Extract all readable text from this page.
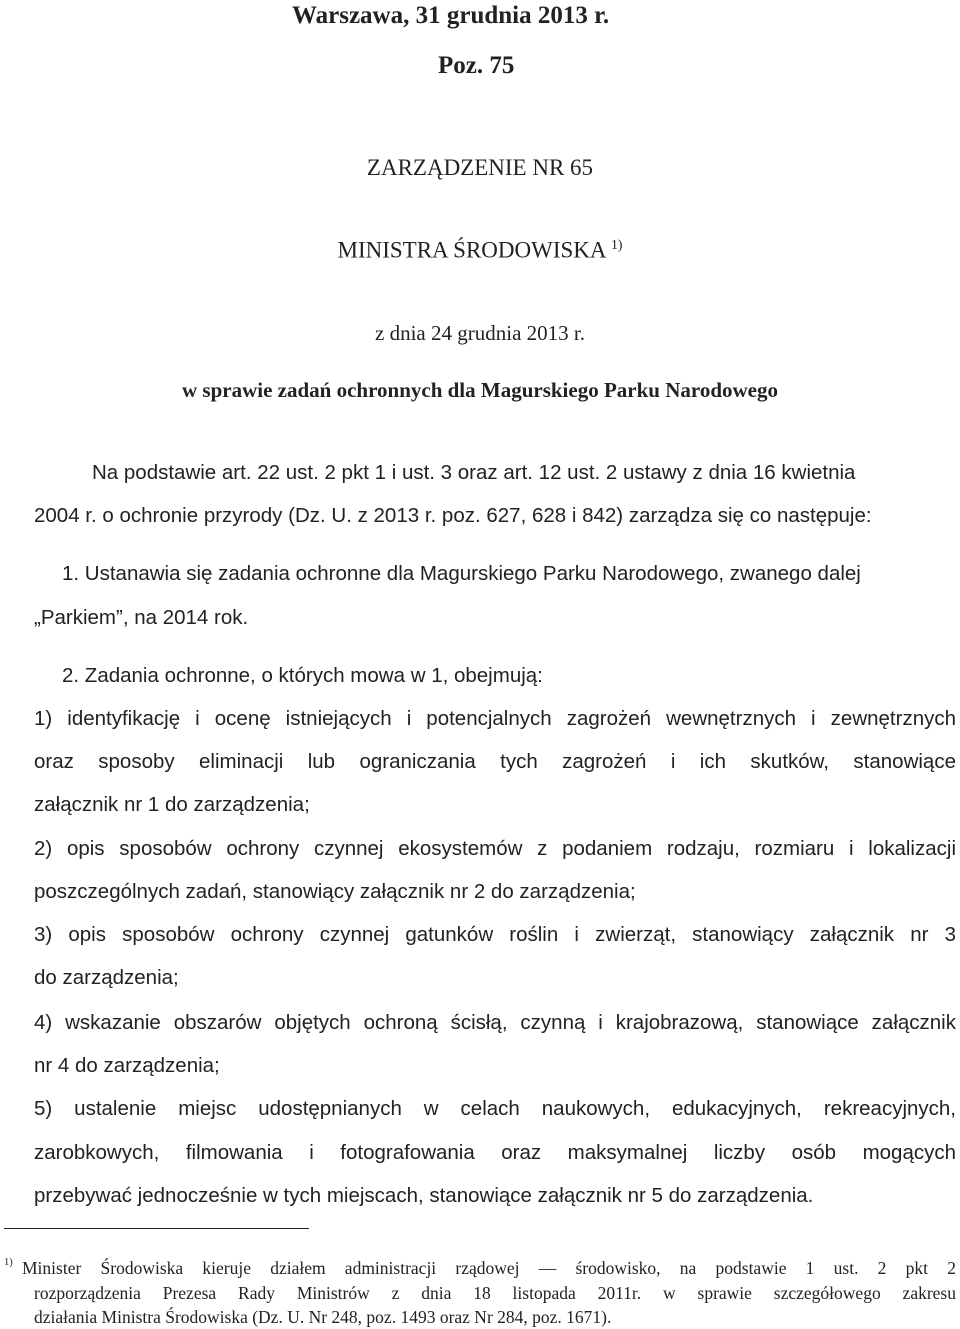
Warszawa, 31 grudnia 2013 r.
Poz. 75
ZARZĄDZENIE NR 65
MINISTRA ŚRODOWISKA $^{1)}$
z dnia 24 grudnia 2013 r.
w sprawie zadań ochronnych dla Magurskiego Parku Narodowego
Na podstawie art. 22 ust. 2 pkt 1 i ust. 3 oraz art. 12 ust. 2 ustawy z dnia 16 kwietnia
2004 r. o ochronie przyrody (Dz. U. z 2013 r. poz. 627, 628 i 842) zarządza się co następuje:
1. Ustanawia się zadania ochronne dla Magurskiego Parku Narodowego, zwanego dalej
„Parkiem”, na 2014 rok.
2. Zadania ochronne, o których mowa w 1, obejmują:
1) identyfikację i ocenę istniejących i potencjalnych zagrożeń wewnętrznych i zewnętrznych
oraz sposoby eliminacji lub ograniczania tych zagrożeń i ich skutków, stanowiące
załącznik nr 1 do zarządzenia;
2) opis sposobów ochrony czynnej ekosystemów z podaniem rodzaju, rozmiaru i lokalizacji
poszczególnych zadań, stanowiący załącznik nr 2 do zarządzenia;
3) opis sposobów ochrony czynnej gatunków roślin i zwierząt, stanowiący załącznik nr 3
do zarządzenia;
4) wskazanie obszarów objętych ochroną ścisłą, czynną i krajobrazową, stanowiące załącznik
nr 4 do zarządzenia;
5) ustalenie miejsc udostępnianych w celach naukowych, edukacyjnych, rekreacyjnych,
zarobkowych, filmowania i fotografowania oraz maksymalnej liczby osób mogących
przebywać jednocześnie w tych miejscach, stanowiące załącznik nr 5 do zarządzenia.
$^{1)}$ Minister Środowiska kieruje działem administracji rządowej — środowisko, na podstawie 1 ust. 2 pkt 2
rozporządzenia Prezesa Rady Ministrów z dnia 18 listopada 2011r. w sprawie szczegółowego zakresu
działania Ministra Środowiska (Dz. U. Nr 248, poz. 1493 oraz Nr 284, poz. 1671).
